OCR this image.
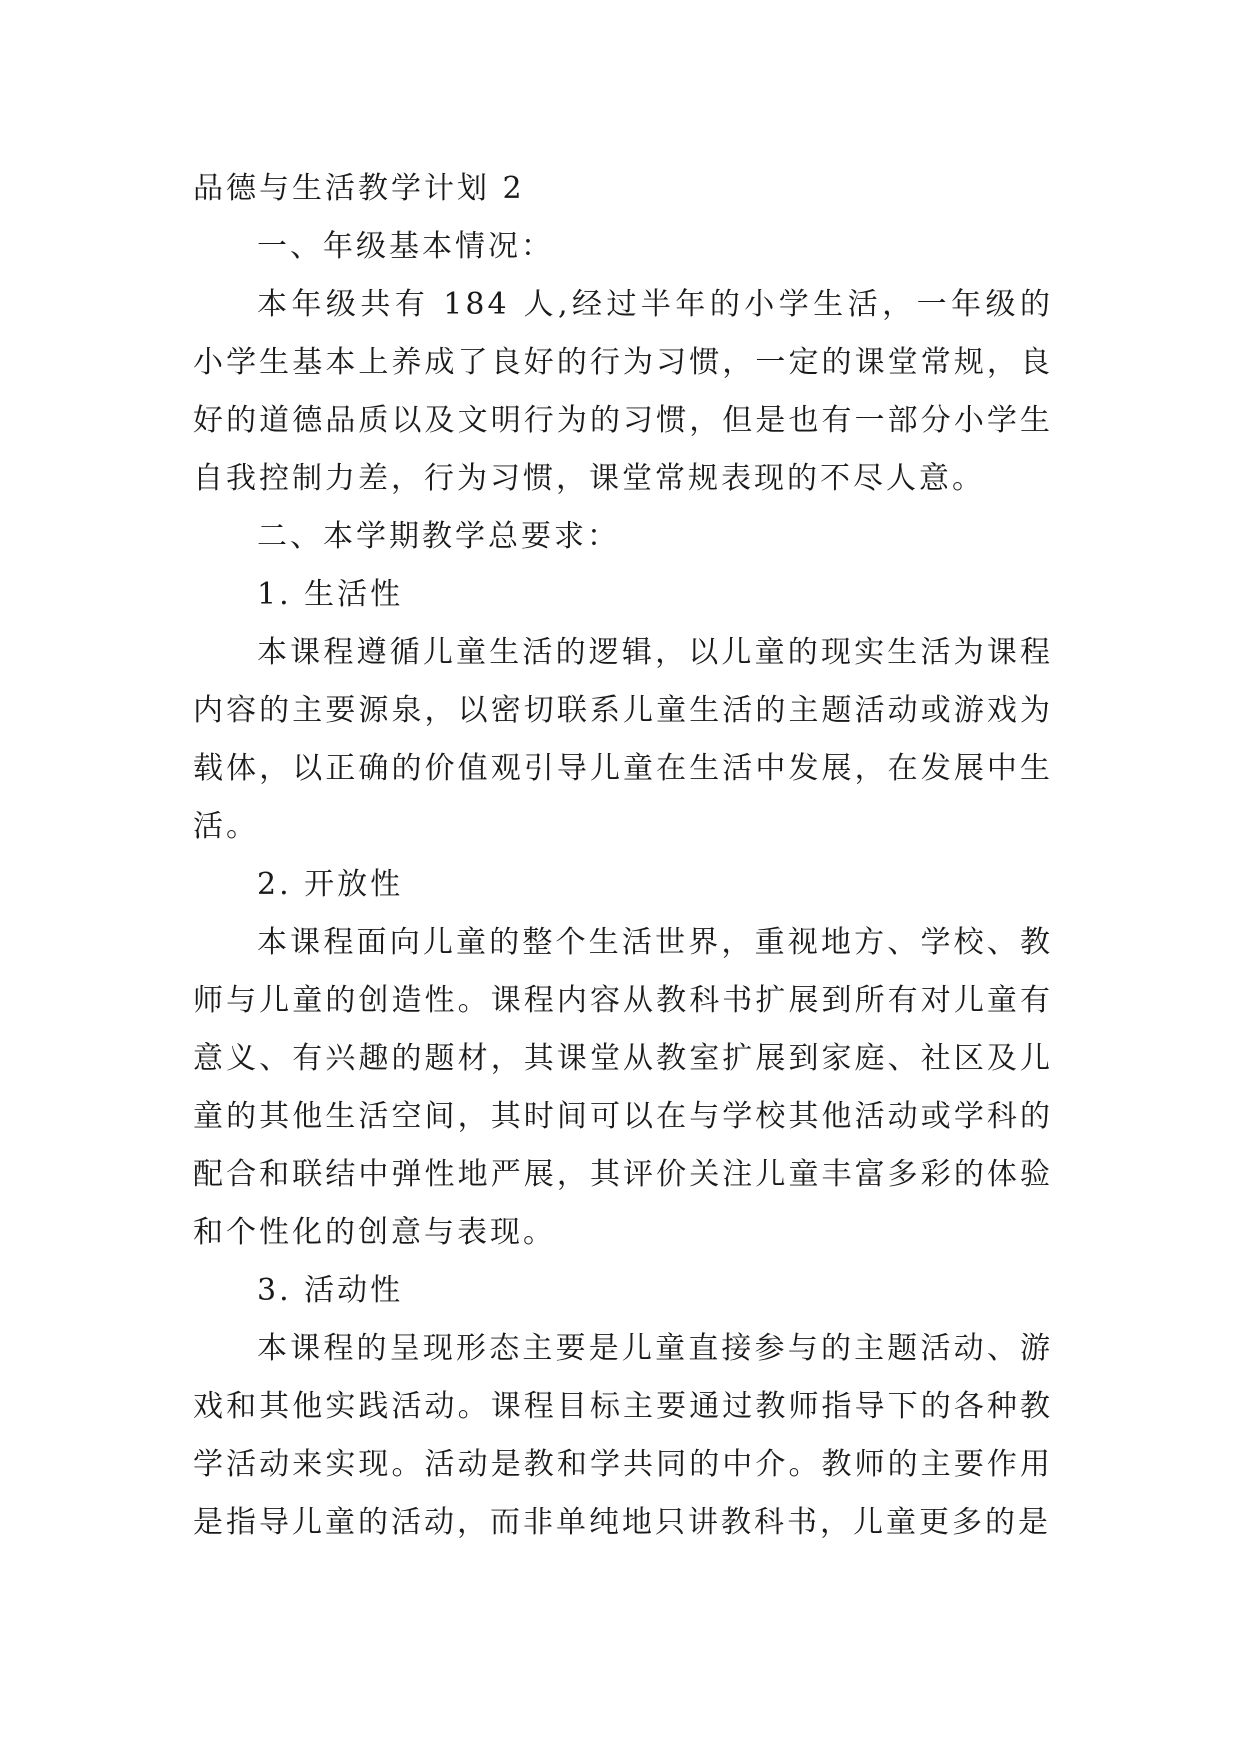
品德与生活教学计划 2
一、年级基本情况：

本年级共有 184 人,经过半年的小学生活，一年级的小学生基本上养成了良好的行为习惯，一定的课堂常规，良好的道德品质以及文明行为的习惯，但是也有一部分小学生自我控制力差，行为习惯，课堂常规表现的不尽人意。

二、本学期教学总要求：
1. 生活性

本课程遵循儿童生活的逻辑，以儿童的现实生活为课程内容的主要源泉，以密切联系儿童生活的主题活动或游戏为载体，以正确的价值观引导儿童在生活中发展，在发展中生活。

2. 开放性

本课程面向儿童的整个生活世界，重视地方、学校、教师与儿童的创造性。课程内容从教科书扩展到所有对儿童有意义、有兴趣的题材，其课堂从教室扩展到家庭、社区及儿童的其他生活空间，其时间可以在与学校其他活动或学科的配合和联结中弹性地严展，其评价关注儿童丰富多彩的体验和个性化的创意与表现。

3. 活动性

本课程的呈现形态主要是儿童直接参与的主题活动、游戏和其他实践活动。课程目标主要通过教师指导下的各种教学活动来实现。活动是教和学共同的中介。教师的主要作用是指导儿童的活动，而非单纯地只讲教科书，儿童更多的是
